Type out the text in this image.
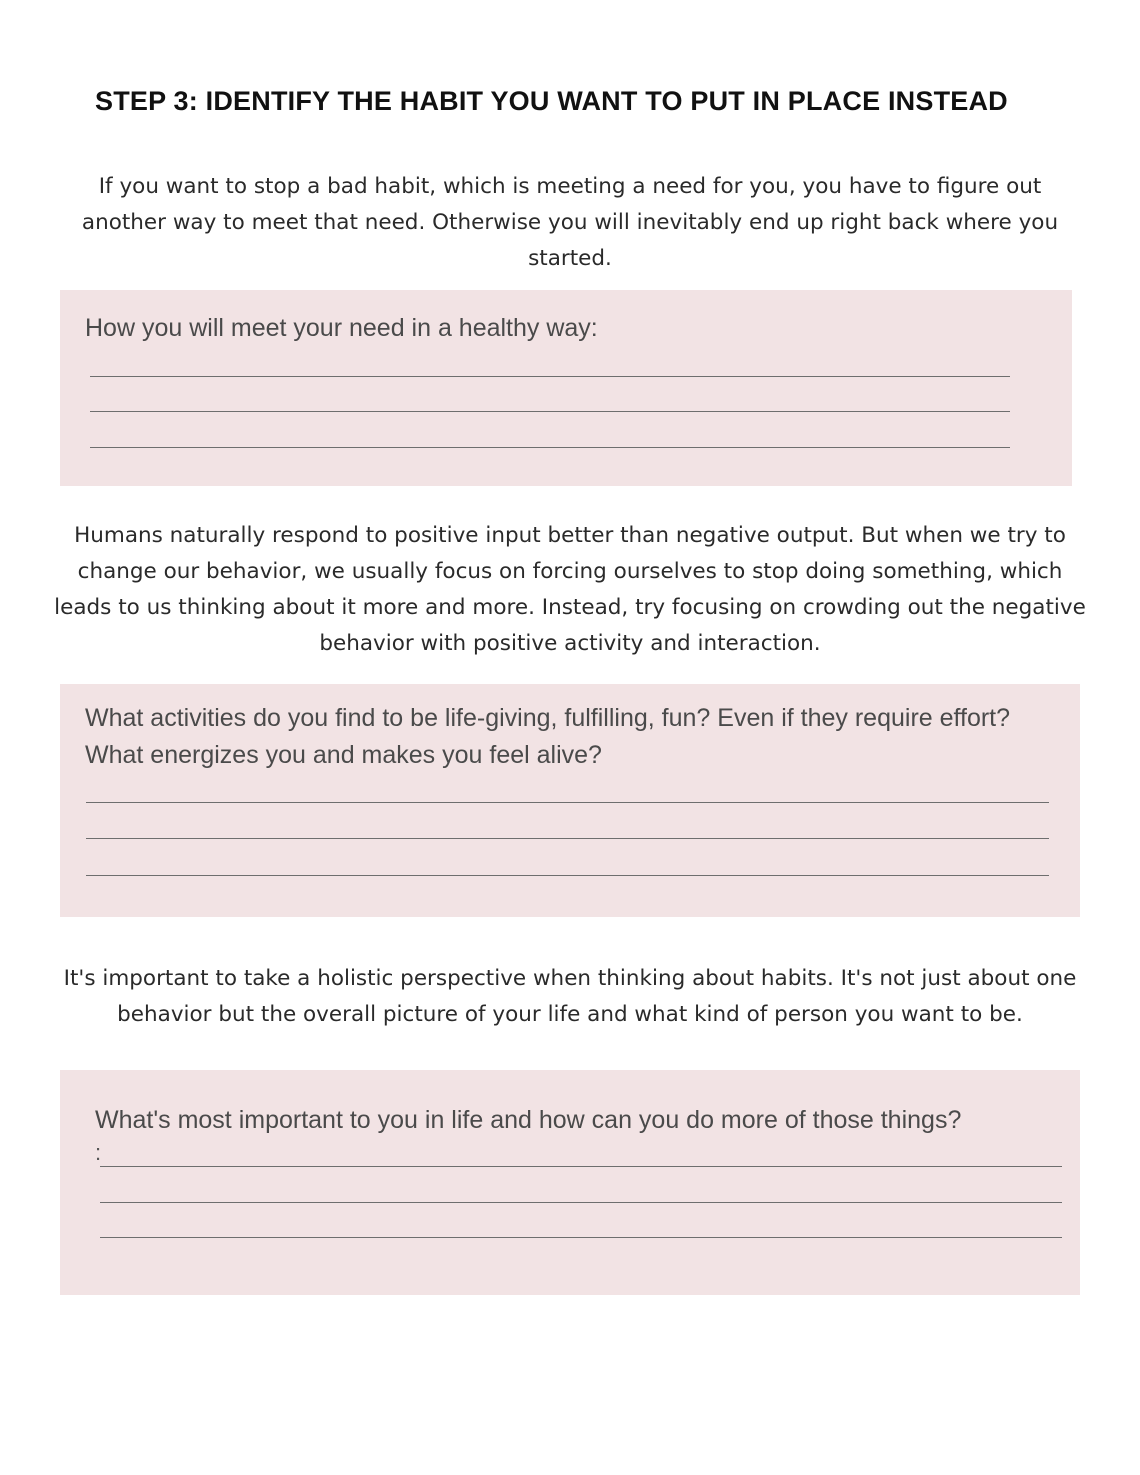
STEP 3: IDENTIFY THE HABIT YOU WANT TO PUT IN PLACE INSTEAD
If you want to stop a bad habit, which is meeting a need for you, you have to figure out another way to meet that need. Otherwise you will inevitably end up right back where you started.
How you will meet your need in a healthy way:
Humans naturally respond to positive input better than negative output. But when we try to change our behavior, we usually focus on forcing ourselves to stop doing something, which leads to us thinking about it more and more. Instead, try focusing on crowding out the negative behavior with positive activity and interaction.
What activities do you find to be life-giving, fulfilling, fun? Even if they require effort? What energizes you and makes you feel alive?
It's important to take a holistic perspective when thinking about habits. It's not just about one behavior but the overall picture of your life and what kind of person you want to be.
What's most important to you in life and how can you do more of those things?
:
